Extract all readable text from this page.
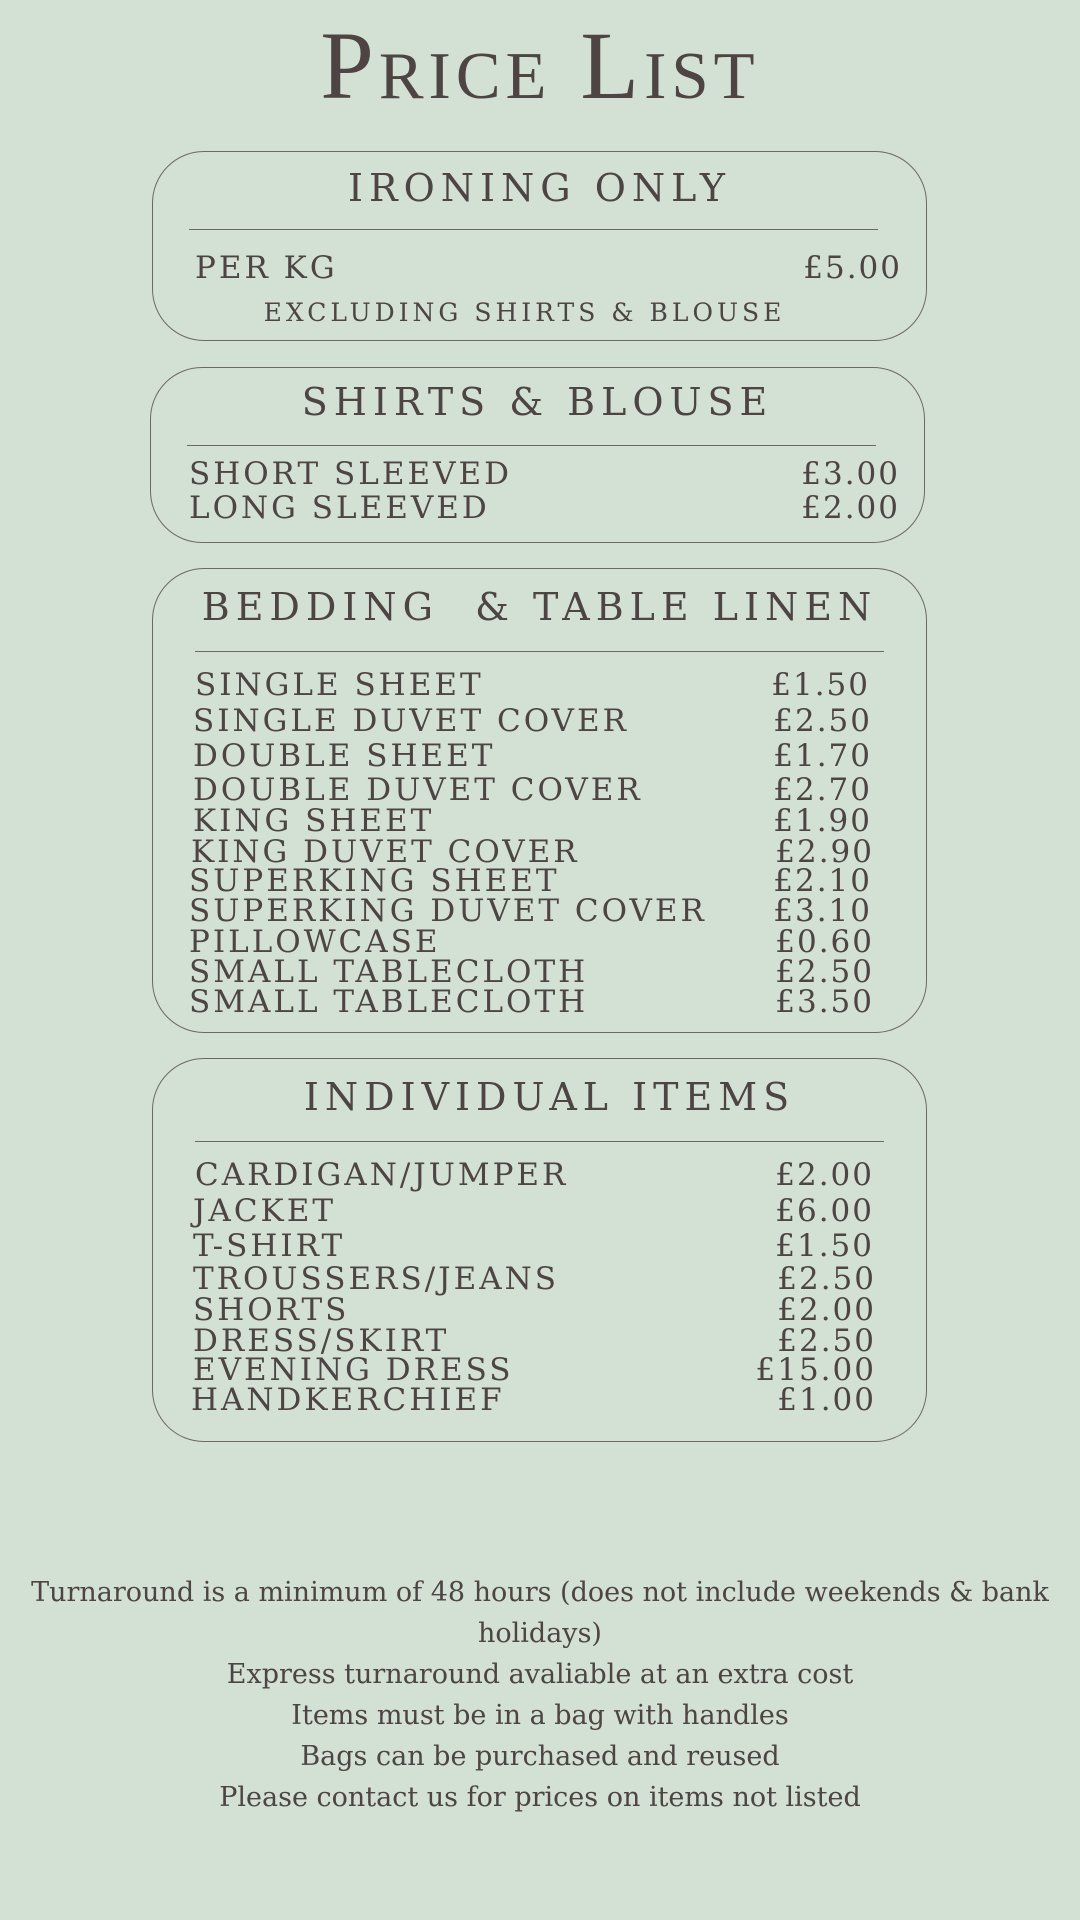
Price List
IRONING ONLY
PER KG	£5.00
EXCLUDING SHIRTS & BLOUSE
SHIRTS & BLOUSE
SHORT SLEEVED	£3.00
LONG SLEEVED	£2.00
BEDDING  & TABLE LINEN
SINGLE SHEET	£1.50
SINGLE DUVET COVER	£2.50
DOUBLE SHEET	£1.70
DOUBLE DUVET COVER	£2.70
KING SHEET	£1.90
KING DUVET COVER	£2.90
SUPERKING SHEET	£2.10
SUPERKING DUVET COVER £3.10
PILLOWCASE	£0.60
SMALL TABLECLOTH	£2.50
SMALL TABLECLOTH	£3.50
INDIVIDUAL ITEMS
CARDIGAN/JUMPER	£2.00
JACKET	£6.00
T-SHIRT	£1.50
TROUSSERS/JEANS	£2.50
SHORTS	£2.00
DRESS/SKIRT	£2.50
EVENING DRESS	£15.00
HANDKERCHIEF	£1.00
Turnaround is a minimum of 48 hours (does not include weekends & bank holidays)
Express turnaround avaliable at an extra cost
Items must be in a bag with handles
Bags can be purchased and reused
Please contact us for prices on items not listed
